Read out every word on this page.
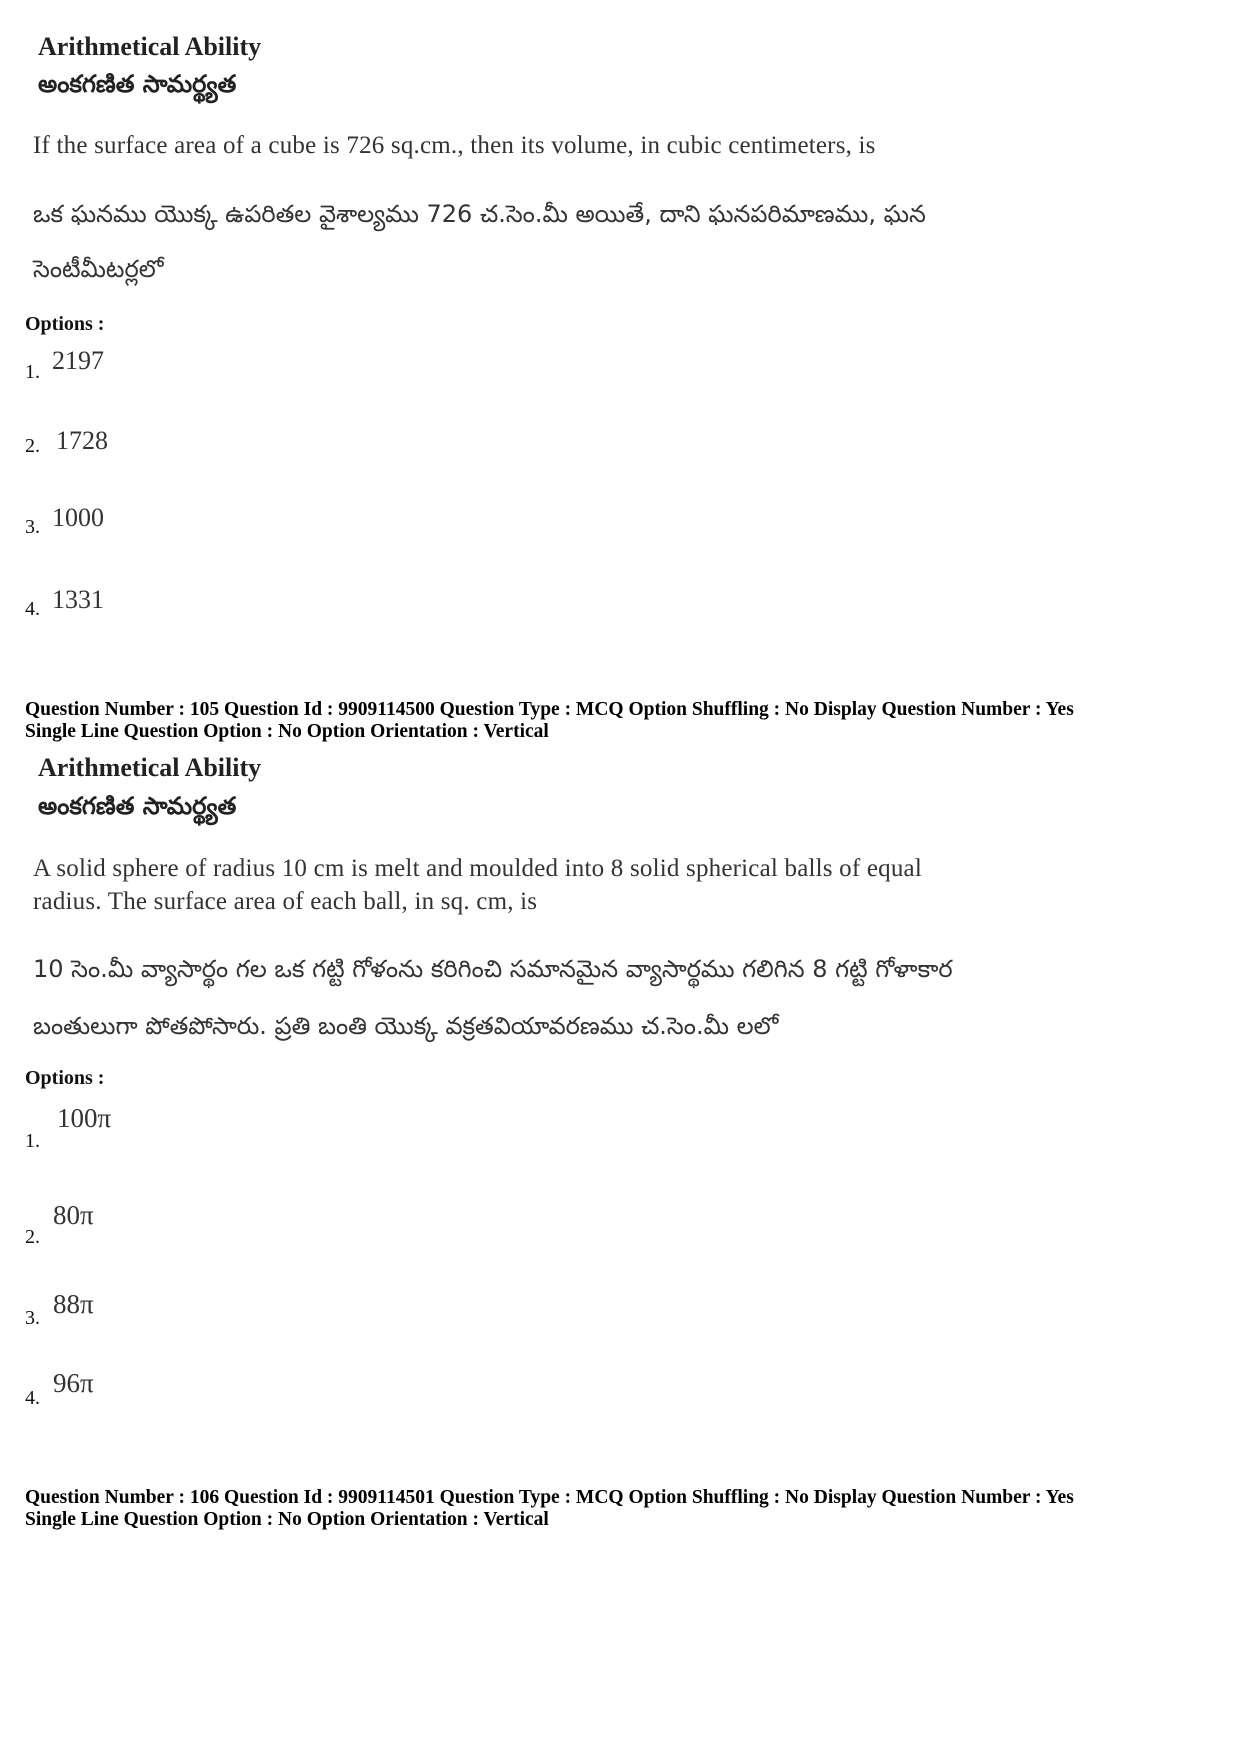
Arithmetical Ability
అంకగణిత సామర్థ్యత
If the surface area of a cube is 726 sq.cm., then its volume, in cubic centimeters, is
ఒక ఘనము యొక్క ఉపరితల వైశాల్యము 726 చ.సెం.మీ అయితే, దాని ఘనపరిమాణము, ఘన
సెంటీమీటర్లలో
Options :
1. 2197
2. 1728
3. 1000
4. 1331
Question Number : 105 Question Id : 9909114500 Question Type : MCQ Option Shuffling : No Display Question Number : Yes
Single Line Question Option : No Option Orientation : Vertical
Arithmetical Ability
అంకగణిత సామర్థ్యత
A solid sphere of radius 10 cm is melt and moulded into 8 solid spherical balls of equal
radius. The surface area of each ball, in sq. cm, is
10 సెం.మీ వ్యాసార్థం గల ఒక గట్టి గోళంను కరిగించి సమానమైన వ్యాసార్థము గలిగిన 8 గట్టి గోళాకార
బంతులుగా పోతపోసారు. ప్రతి బంతి యొక్క వక్రతవియావరణము చ.సెం.మీ లలో
Options :
1.
100π
2.
80π
3. 88π
4. 96π
Question Number : 106 Question Id : 9909114501 Question Type : MCQ Option Shuffling : No Display Question Number : Yes
Single Line Question Option : No Option Orientation : Vertical
